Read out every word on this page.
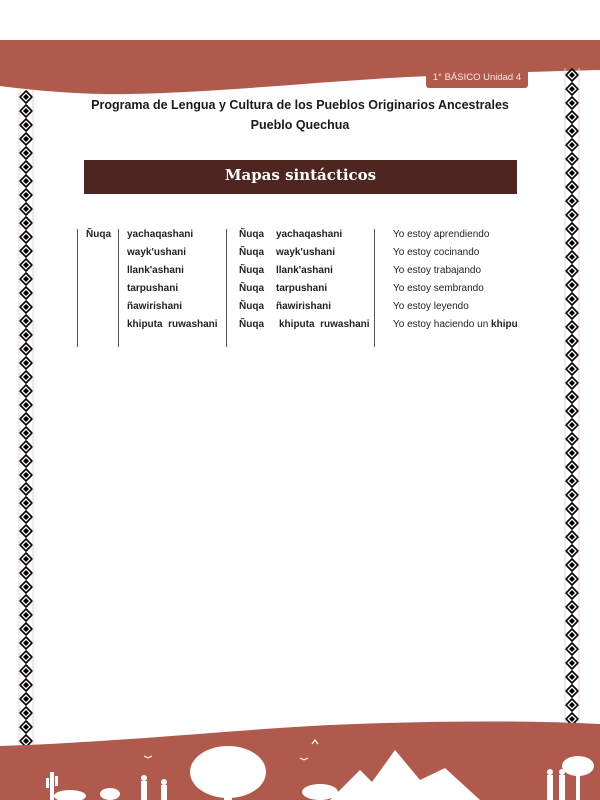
1° BÁSICO Unidad 4
Programa de Lengua y Cultura de los Pueblos Originarios Ancestrales
Pueblo Quechua
Mapas sintácticos
Ñuqa yachaqashani
wayk'ushani
llank'ashani
tarpushani
ñawirishani
khiputa  ruwashani
Ñuqa yachaqashani	Yo estoy aprendiendo
Ñuqa wayk'ushani	Yo estoy cocinando
Ñuqa llank'ashani	Yo estoy trabajando
Ñuqa tarpushani	Yo estoy sembrando
Ñuqa ñawirishani	Yo estoy leyendo
Ñuqa khiputa  ruwashani Yo estoy haciendo un khipu
